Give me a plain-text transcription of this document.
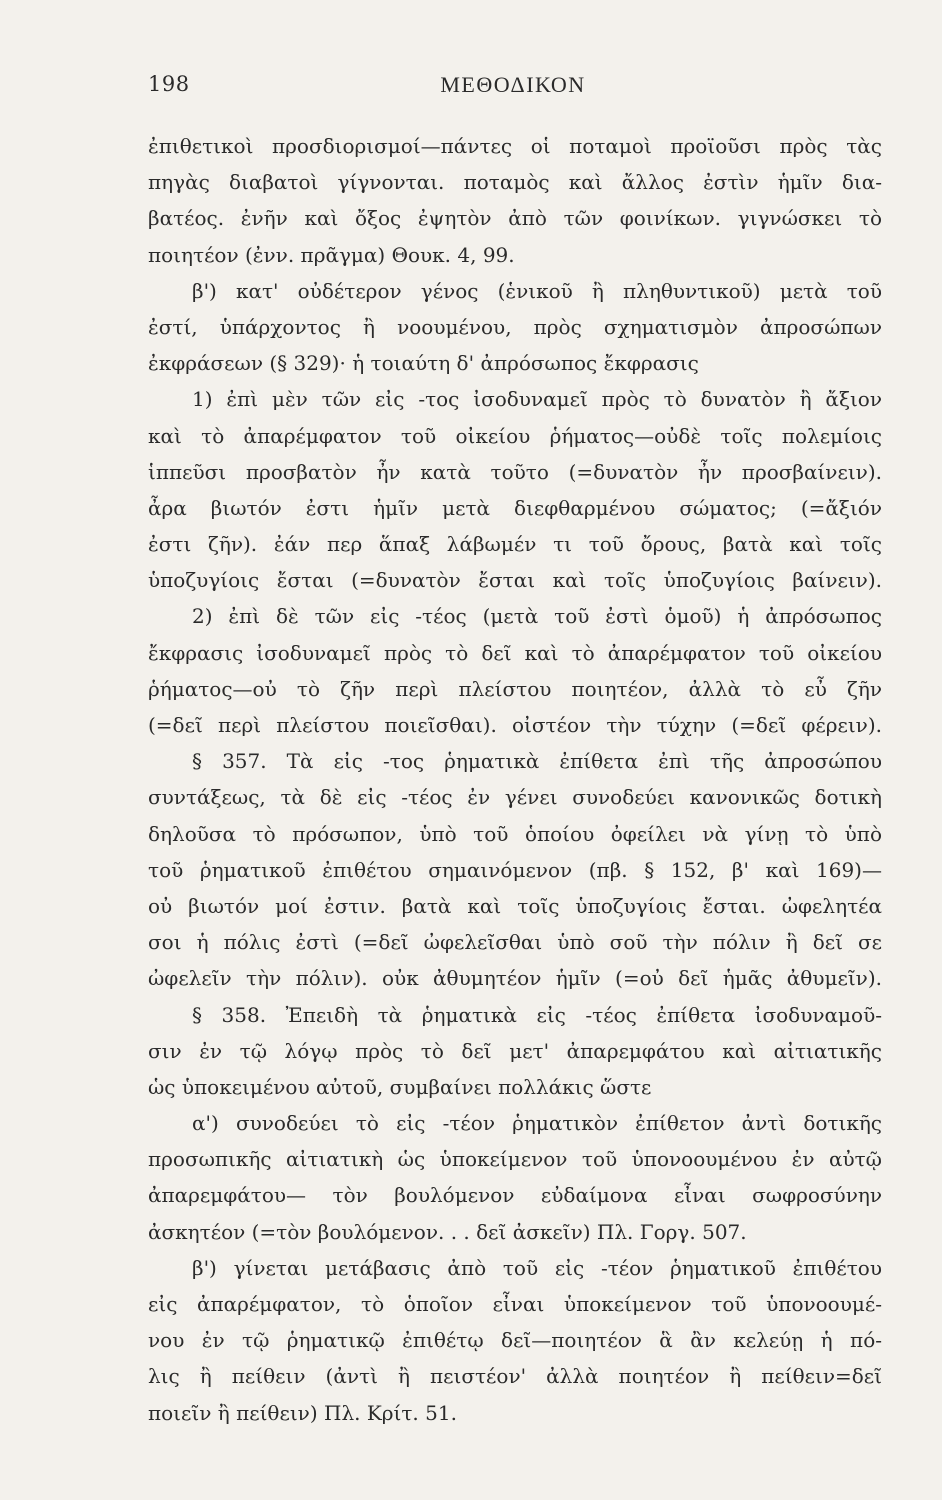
198	ΜΕΘΟΔΙΚΟΝ
ἐπιθετικοὶ προσδιορισμοί—πάντες οἱ ποταμοὶ προϊοῦσι πρὸς τὰς
πηγὰς διαβατοὶ γίγνονται. ποταμὸς καὶ ἄλλος ἐστὶν ἡμῖν δια-
βατέος. ἐνῆν καὶ ὄξος ἐψητὸν ἀπὸ τῶν φοινίκων. γιγνώσκει τὸ
ποιητέον (ἐνν. πρᾶγμα) Θουκ. 4, 99.
β') κατ' οὐδέτερον γένος (ἑνικοῦ ἢ πληθυντικοῦ) μετὰ τοῦ
ἐστί, ὑπάρχοντος ἢ νοουμένου, πρὸς σχηματισμὸν ἀπροσώπων
ἐκφράσεων (§ 329)· ἡ τοιαύτη δ' ἀπρόσωπος ἔκφρασις
1) ἐπὶ μὲν τῶν εἰς -τος ἰσοδυναμεῖ πρὸς τὸ δυνατὸν ἢ ἄξιον
καὶ τὸ ἀπαρέμφατον τοῦ οἰκείου ῥήματος—οὐδὲ τοῖς πολεμίοις
ἱππεῦσι προσβατὸν ἦν κατὰ τοῦτο (=δυνατὸν ἦν προσβαίνειν).
ἆρα βιωτόν ἐστι ἡμῖν μετὰ διεφθαρμένου σώματος; (=ἄξιόν
ἐστι ζῆν). ἐάν περ ἅπαξ λάβωμέν τι τοῦ ὄρους, βατὰ καὶ τοῖς
ὑποζυγίοις ἔσται (=δυνατὸν ἔσται καὶ τοῖς ὑποζυγίοις βαίνειν).
2) ἐπὶ δὲ τῶν εἰς -τέος (μετὰ τοῦ ἐστὶ ὁμοῦ) ἡ ἀπρόσωπος
ἔκφρασις ἰσοδυναμεῖ πρὸς τὸ δεῖ καὶ τὸ ἀπαρέμφατον τοῦ οἰκείου
ῥήματος—οὐ τὸ ζῆν περὶ πλείστου ποιητέον, ἀλλὰ τὸ εὖ ζῆν
(=δεῖ περὶ πλείστου ποιεῖσθαι). οἰστέον τὴν τύχην (=δεῖ φέρειν).
§ 357. Τὰ εἰς -τος ῥηματικὰ ἐπίθετα ἐπὶ τῆς ἀπροσώπου
συντάξεως, τὰ δὲ εἰς -τέος ἐν γένει συνοδεύει κανονικῶς δοτικὴ
δηλοῦσα τὸ πρόσωπον, ὑπὸ τοῦ ὁποίου ὀφείλει νὰ γίνῃ τὸ ὑπὸ
τοῦ ῥηματικοῦ ἐπιθέτου σημαινόμενον (πβ. § 152, β' καὶ 169)—
οὐ βιωτόν μοί ἐστιν. βατὰ καὶ τοῖς ὑποζυγίοις ἔσται. ὠφελητέα
σοι ἡ πόλις ἐστὶ (=δεῖ ὠφελεῖσθαι ὑπὸ σοῦ τὴν πόλιν ἢ δεῖ σε
ὠφελεῖν τὴν πόλιν). οὐκ ἀθυμητέον ἡμῖν (=οὐ δεῖ ἡμᾶς ἀθυμεῖν).
§ 358. Ἐπειδὴ τὰ ῥηματικὰ εἰς -τέος ἐπίθετα ἰσοδυναμοῦ-
σιν ἐν τῷ λόγῳ πρὸς τὸ δεῖ μετ' ἀπαρεμφάτου καὶ αἰτιατικῆς
ὡς ὑποκειμένου αὐτοῦ, συμβαίνει πολλάκις ὥστε
α') συνοδεύει τὸ εἰς -τέον ῥηματικὸν ἐπίθετον ἀντὶ δοτικῆς
προσωπικῆς αἰτιατικὴ ὡς ὑποκείμενον τοῦ ὑπονοουμένου ἐν αὐτῷ
ἀπαρεμφάτου— τὸν βουλόμενον εὐδαίμονα εἶναι σωφροσύνην
ἀσκητέον (=τὸν βουλόμενον. . . δεῖ ἀσκεῖν) Πλ. Γοργ. 507.
β') γίνεται μετάβασις ἀπὸ τοῦ εἰς -τέον ῥηματικοῦ ἐπιθέτου
εἰς ἀπαρέμφατον, τὸ ὁποῖον εἶναι ὑποκείμενον τοῦ ὑπονοουμέ-
νου ἐν τῷ ῥηματικῷ ἐπιθέτῳ δεῖ—ποιητέον ἃ ἂν κελεύῃ ἡ πό-
λις ἢ πείθειν (ἀντὶ ἢ πειστέον' ἀλλὰ ποιητέον ἢ πείθειν=δεῖ
ποιεῖν ἢ πείθειν) Πλ. Κρίτ. 51.
